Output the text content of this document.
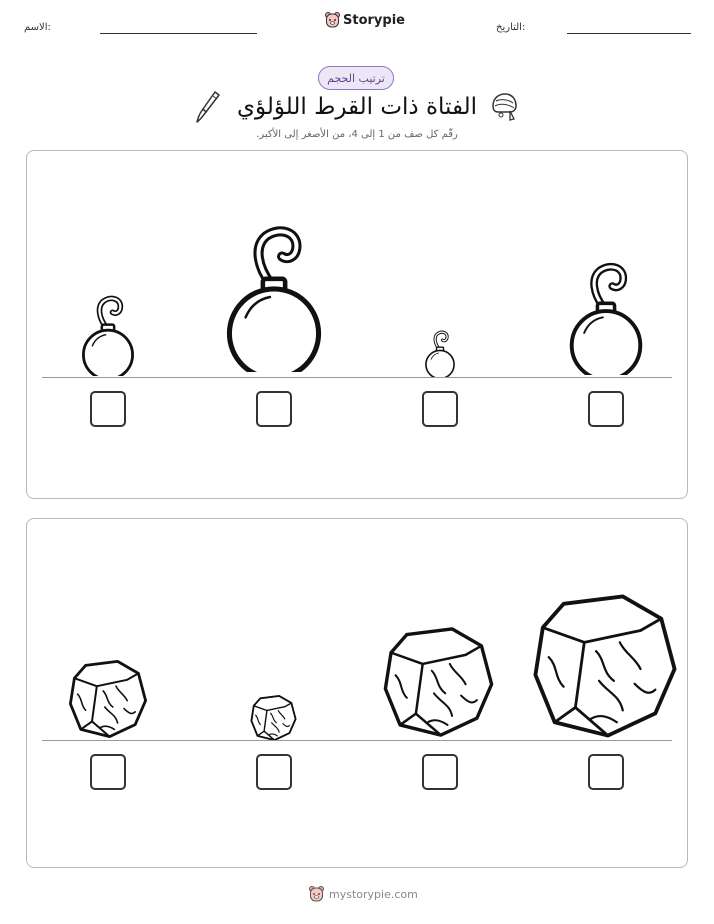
الاسم:	التاريخ:
Storypie
ترتيب الحجم
الفتاة ذات القرط اللؤلؤي
رقّم كل صف من 1 إلى 4، من الأصغر إلى الأكبر.
mystorypie.com
